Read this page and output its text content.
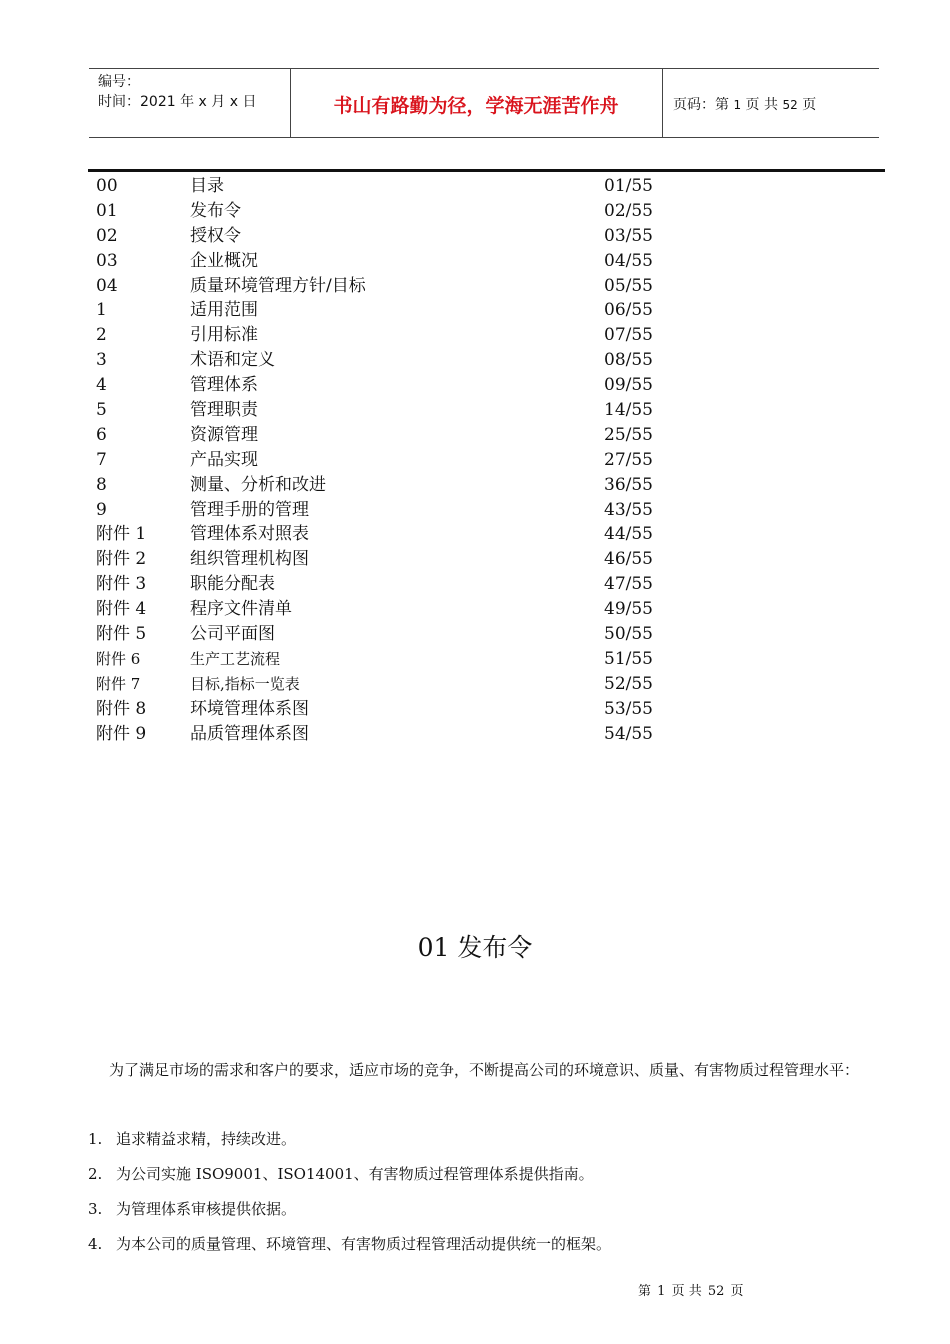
编号：
时间：2021 年 x 月 x 日	书山有路勤为径，学海无涯苦作舟	页码：第 1 页 共 52 页
00	目录	01/55
01	发布令	02/55
02	授权令	03/55
03	企业概况	04/55
04	质量环境管理方针/目标	05/55
1	适用范围	06/55
2	引用标准	07/55
3	术语和定义	08/55
4	管理体系	09/55
5	管理职责	14/55
6	资源管理	25/55
7	产品实现	27/55
8	测量、分析和改进	36/55
9	管理手册的管理	43/55
附件 1	管理体系对照表	44/55
附件 2	组织管理机构图	46/55
附件 3	职能分配表	47/55
附件 4	程序文件清单	49/55
附件 5	公司平面图	50/55
附件 6	生产工艺流程	51/55
附件 7	目标,指标一览表	52/55
附件 8	环境管理体系图	53/55
附件 9	品质管理体系图	54/55
01 发布令
为了满足市场的需求和客户的要求，适应市场的竞争，不断提高公司的环境意识、质量、有害物质过程管理水平：
1. 追求精益求精，持续改进。
2. 为公司实施 ISO9001、ISO14001、有害物质过程管理体系提供指南。
3. 为管理体系审核提供依据。
4. 为本公司的质量管理、环境管理、有害物质过程管理活动提供统一的框架。
第 1 页 共 52 页
